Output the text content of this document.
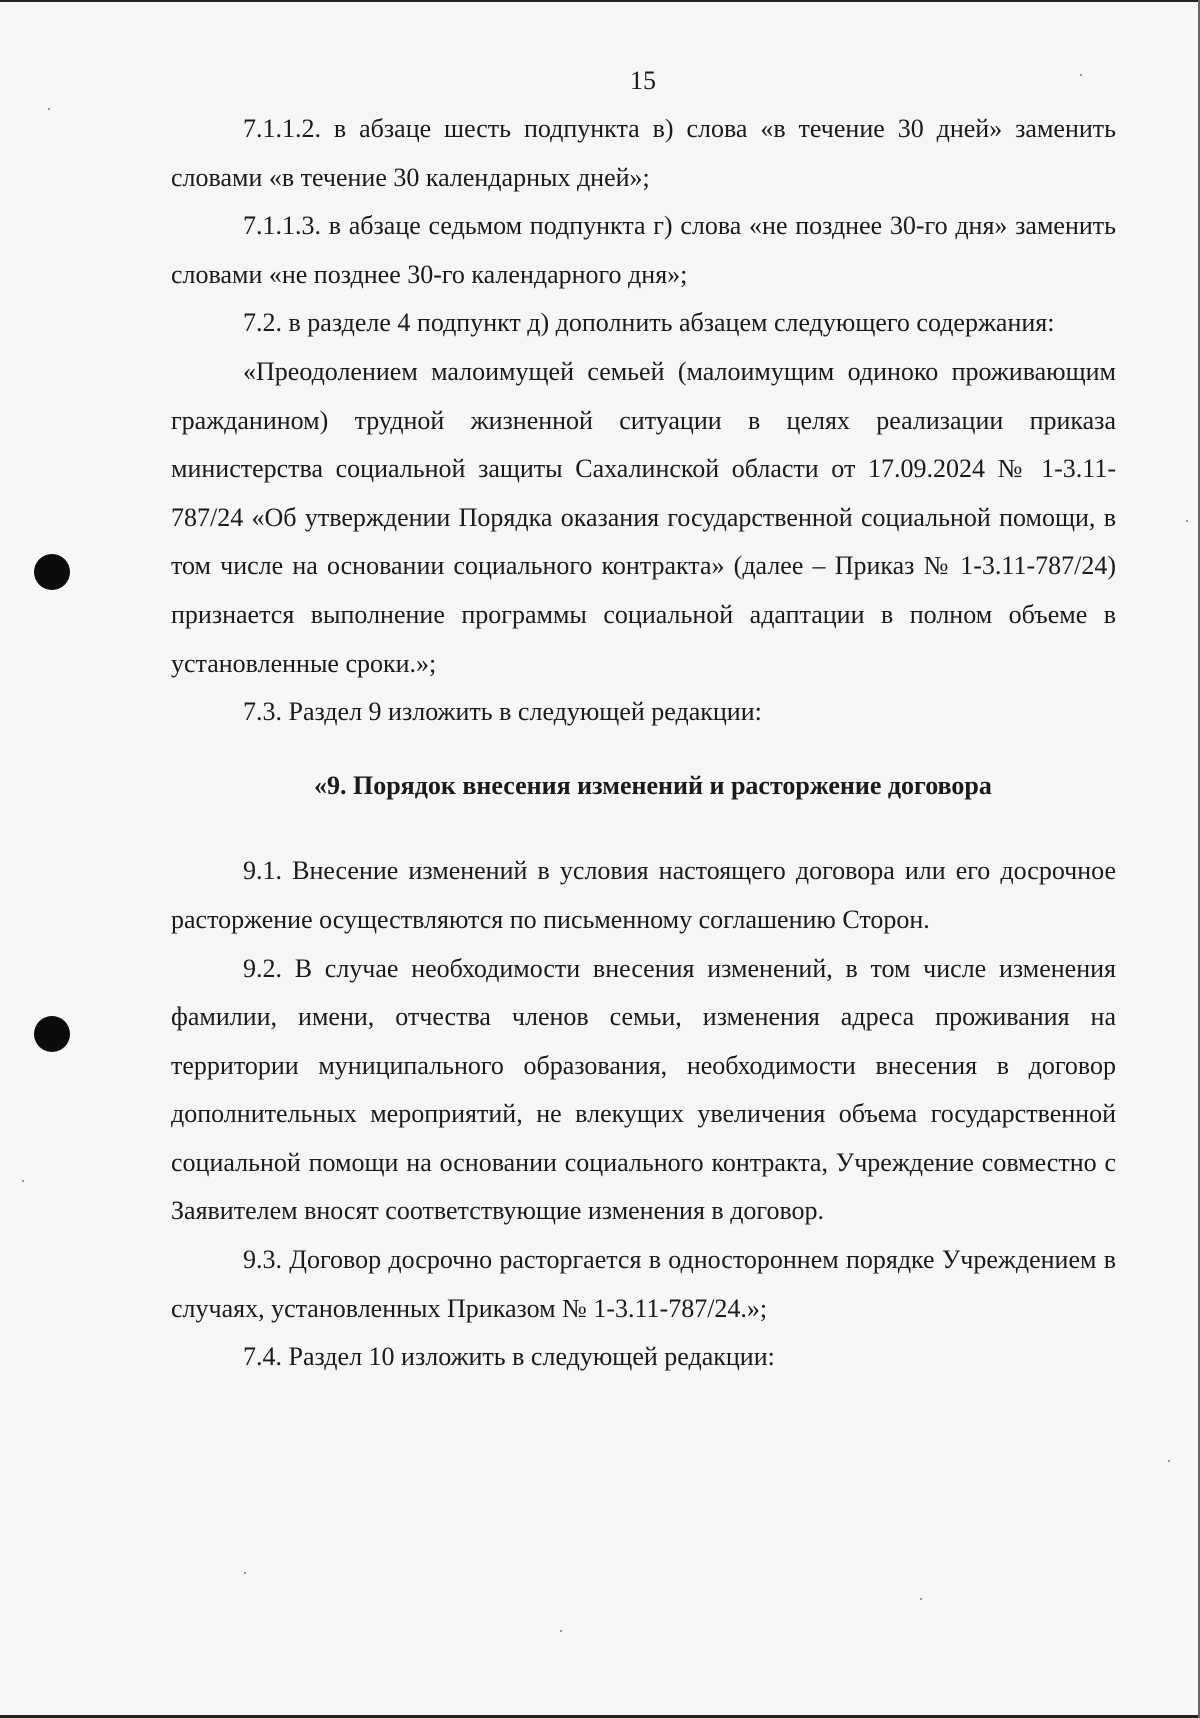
15

7.1.1.2. в абзаце шесть подпункта в) слова «в течение 30 дней» заменить словами «в течение 30 календарных дней»;

7.1.1.3. в абзаце седьмом подпункта г) слова «не позднее 30-го дня» заменить словами «не позднее 30-го календарного дня»;

7.2. в разделе 4 подпункт д) дополнить абзацем следующего содержания:

«Преодолением малоимущей семьей (малоимущим одиноко проживающим гражданином) трудной жизненной ситуации в целях реализации приказа министерства социальной защиты Сахалинской области от 17.09.2024 № 1-3.11-787/24 «Об утверждении Порядка оказания государственной социальной помощи, в том числе на основании социального контракта» (далее – Приказ № 1-3.11-787/24) признается выполнение программы социальной адаптации в полном объеме в установленные сроки.»;

7.3. Раздел 9 изложить в следующей редакции:

«9. Порядок внесения изменений и расторжение договора

9.1. Внесение изменений в условия настоящего договора или его досрочное расторжение осуществляются по письменному соглашению Сторон.

9.2. В случае необходимости внесения изменений, в том числе изменения фамилии, имени, отчества членов семьи, изменения адреса проживания на территории муниципального образования, необходимости внесения в договор дополнительных мероприятий, не влекущих увеличения объема государственной социальной помощи на основании социального контракта, Учреждение совместно с Заявителем вносят соответствующие изменения в договор.

9.3. Договор досрочно расторгается в одностороннем порядке Учреждением в случаях, установленных Приказом № 1-3.11-787/24.»;

7.4. Раздел 10 изложить в следующей редакции:
